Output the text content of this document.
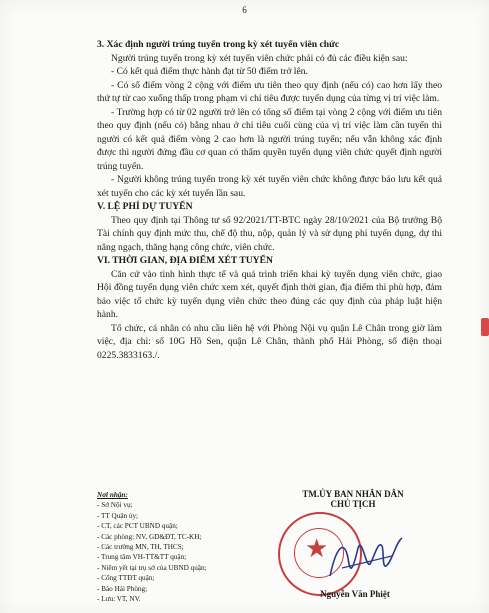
6

3. Xác định người trúng tuyển trong kỳ xét tuyển viên chức

Người trúng tuyển trong kỳ xét tuyển viên chức phải có đủ các điều kiện sau:

- Có kết quả điểm thực hành đạt từ 50 điểm trở lên.

- Có số điểm vòng 2 cộng với điểm ưu tiên theo quy định (nếu có) cao hơn lấy theo thứ tự từ cao xuống thấp trong phạm vi chỉ tiêu được tuyển dụng của từng vị trí việc làm.

- Trường hợp có từ 02 người trở lên có tổng số điểm tại vòng 2 cộng với điểm ưu tiên theo quy định (nếu có) bằng nhau ở chỉ tiêu cuối cùng của vị trí việc làm cần tuyển thì người có kết quả điểm vòng 2 cao hơn là người trúng tuyển; nếu vẫn không xác định được thì người đứng đầu cơ quan có thẩm quyền tuyển dụng viên chức quyết định người trúng tuyển.

- Người không trúng tuyển trong kỳ xét tuyển viên chức không được bảo lưu kết quả xét tuyển cho các kỳ xét tuyển lần sau.

V. LỆ PHÍ DỰ TUYỂN

Theo quy định tại Thông tư số 92/2021/TT-BTC ngày 28/10/2021 của Bộ trưởng Bộ Tài chính quy định mức thu, chế độ thu, nộp, quản lý và sử dụng phí tuyển dụng, dự thi nâng ngạch, thăng hạng công chức, viên chức.

VI. THỜI GIAN, ĐỊA ĐIỂM XÉT TUYỂN

Căn cứ vào tình hình thực tế và quá trình triển khai kỳ tuyển dụng viên chức, giao Hội đồng tuyển dụng viên chức xem xét, quyết định thời gian, địa điểm thi phù hợp, đảm bảo việc tổ chức kỳ tuyển dụng viên chức theo đúng các quy định của pháp luật hiện hành.

Tổ chức, cá nhân có nhu cầu liên hệ với Phòng Nội vụ quận Lê Chân trong giờ làm việc, địa chỉ: số 10G Hồ Sen, quận Lê Chân, thành phố Hải Phòng, số điện thoại 0225.3833163./.

Nơi nhận:
- Sở Nội vụ;
- TT Quận ủy;
- CT, các PCT UBND quận;
- Các phòng: NV, GD&ĐT, TC-KH;
- Các trường MN, TH, THCS;
- Trung tâm VH-TT&TT quận;
- Niêm yết tại trụ sở của UBND quận;
- Cổng TTĐT quận;
- Báo Hải Phòng;
- Lưu: VT, NV.
TM.ỦY BAN NHÂN DÂN
CHỦ TỊCH
★
Nguyễn Văn Phiệt
